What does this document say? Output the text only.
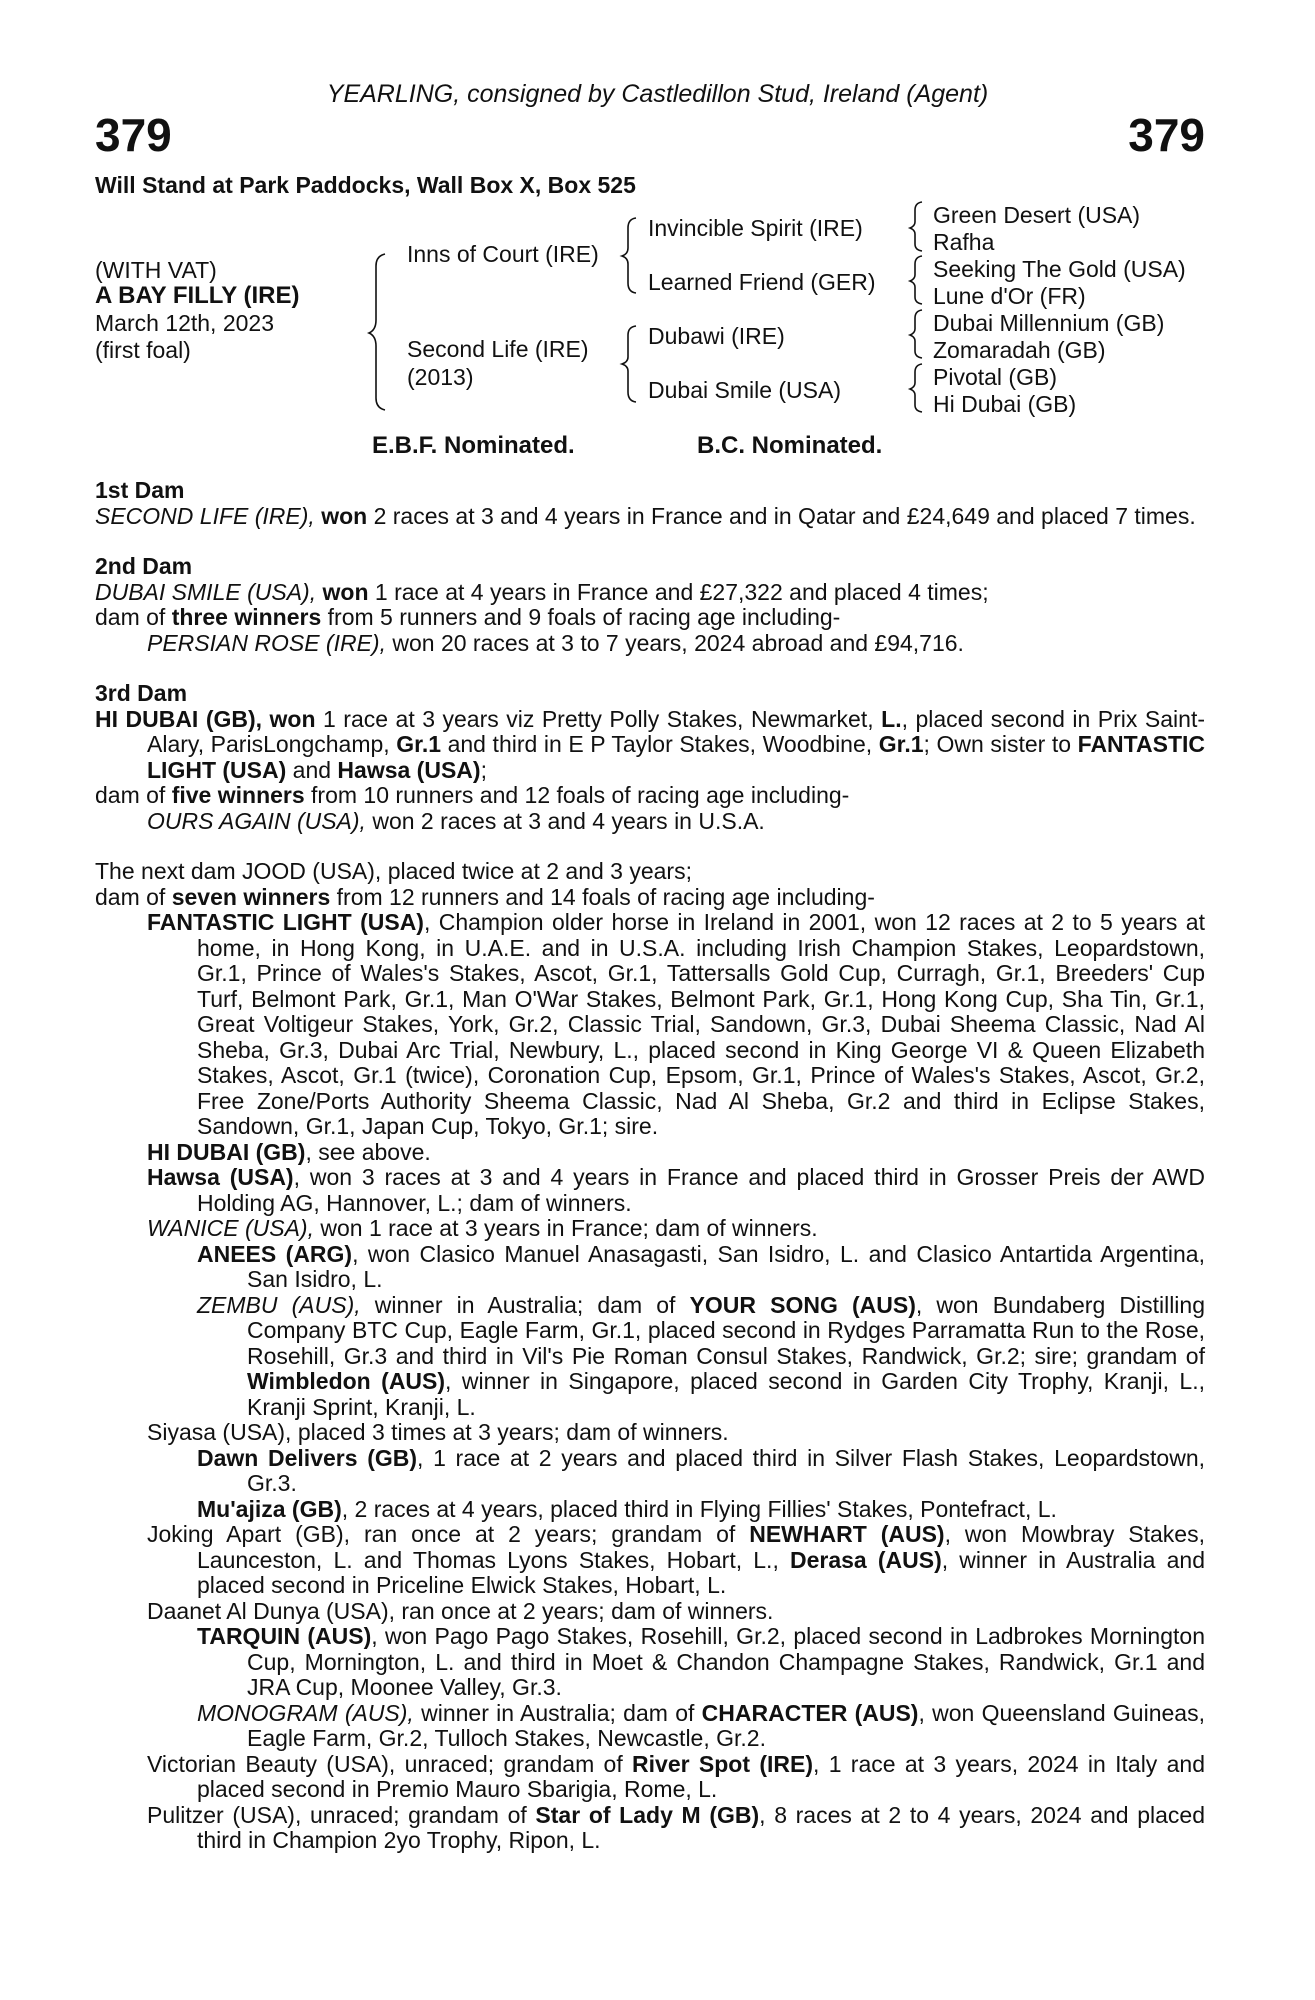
YEARLING, consigned by Castledillon Stud, Ireland (Agent)
379	379
Will Stand at Park Paddocks, Wall Box X, Box 525
(WITH VAT)
A BAY FILLY (IRE)
March 12th, 2023
(first foal)
Inns of Court (IRE)
Second Life (IRE)
(2013)
Invincible Spirit (IRE)
Learned Friend (GER)
Dubawi (IRE)
Dubai Smile (USA)
Green Desert (USA)
Rafha
Seeking The Gold (USA)
Lune d'Or (FR)
Dubai Millennium (GB)
Zomaradah (GB)
Pivotal (GB)
Hi Dubai (GB)
E.B.F. Nominated.	B.C. Nominated.
1st Dam
SECOND LIFE (IRE), won 2 races at 3 and 4 years in France and in Qatar and £24,649 and placed 7 times.
2nd Dam
DUBAI SMILE (USA), won 1 race at 4 years in France and £27,322 and placed 4 times;
dam of three winners from 5 runners and 9 foals of racing age including-
PERSIAN ROSE (IRE), won 20 races at 3 to 7 years, 2024 abroad and £94,716.
3rd Dam
HI DUBAI (GB), won 1 race at 3 years viz Pretty Polly Stakes, Newmarket, L., placed second in Prix Saint-Alary, ParisLongchamp, Gr.1 and third in E P Taylor Stakes, Woodbine, Gr.1; Own sister to FANTASTIC LIGHT (USA) and Hawsa (USA);
dam of five winners from 10 runners and 12 foals of racing age including-
OURS AGAIN (USA), won 2 races at 3 and 4 years in U.S.A.
The next dam JOOD (USA), placed twice at 2 and 3 years;
dam of seven winners from 12 runners and 14 foals of racing age including-
FANTASTIC LIGHT (USA), Champion older horse in Ireland in 2001, won 12 races at 2 to 5 years at home, in Hong Kong, in U.A.E. and in U.S.A. including Irish Champion Stakes, Leopardstown, Gr.1, Prince of Wales's Stakes, Ascot, Gr.1, Tattersalls Gold Cup, Curragh, Gr.1, Breeders' Cup Turf, Belmont Park, Gr.1, Man O'War Stakes, Belmont Park, Gr.1, Hong Kong Cup, Sha Tin, Gr.1, Great Voltigeur Stakes, York, Gr.2, Classic Trial, Sandown, Gr.3, Dubai Sheema Classic, Nad Al Sheba, Gr.3, Dubai Arc Trial, Newbury, L., placed second in King George VI & Queen Elizabeth Stakes, Ascot, Gr.1 (twice), Coronation Cup, Epsom, Gr.1, Prince of Wales's Stakes, Ascot, Gr.2, Free Zone/Ports Authority Sheema Classic, Nad Al Sheba, Gr.2 and third in Eclipse Stakes, Sandown, Gr.1, Japan Cup, Tokyo, Gr.1; sire.
HI DUBAI (GB), see above.
Hawsa (USA), won 3 races at 3 and 4 years in France and placed third in Grosser Preis der AWD Holding AG, Hannover, L.; dam of winners.
WANICE (USA), won 1 race at 3 years in France; dam of winners.
ANEES (ARG), won Clasico Manuel Anasagasti, San Isidro, L. and Clasico Antartida Argentina, San Isidro, L.
ZEMBU (AUS), winner in Australia; dam of YOUR SONG (AUS), won Bundaberg Distilling Company BTC Cup, Eagle Farm, Gr.1, placed second in Rydges Parramatta Run to the Rose, Rosehill, Gr.3 and third in Vil's Pie Roman Consul Stakes, Randwick, Gr.2; sire; grandam of Wimbledon (AUS), winner in Singapore, placed second in Garden City Trophy, Kranji, L., Kranji Sprint, Kranji, L.
Siyasa (USA), placed 3 times at 3 years; dam of winners.
Dawn Delivers (GB), 1 race at 2 years and placed third in Silver Flash Stakes, Leopardstown, Gr.3.
Mu'ajiza (GB), 2 races at 4 years, placed third in Flying Fillies' Stakes, Pontefract, L.
Joking Apart (GB), ran once at 2 years; grandam of NEWHART (AUS), won Mowbray Stakes, Launceston, L. and Thomas Lyons Stakes, Hobart, L., Derasa (AUS), winner in Australia and placed second in Priceline Elwick Stakes, Hobart, L.
Daanet Al Dunya (USA), ran once at 2 years; dam of winners.
TARQUIN (AUS), won Pago Pago Stakes, Rosehill, Gr.2, placed second in Ladbrokes Mornington Cup, Mornington, L. and third in Moet & Chandon Champagne Stakes, Randwick, Gr.1 and JRA Cup, Moonee Valley, Gr.3.
MONOGRAM (AUS), winner in Australia; dam of CHARACTER (AUS), won Queensland Guineas, Eagle Farm, Gr.2, Tulloch Stakes, Newcastle, Gr.2.
Victorian Beauty (USA), unraced; grandam of River Spot (IRE), 1 race at 3 years, 2024 in Italy and placed second in Premio Mauro Sbarigia, Rome, L.
Pulitzer (USA), unraced; grandam of Star of Lady M (GB), 8 races at 2 to 4 years, 2024 and placed third in Champion 2yo Trophy, Ripon, L.
